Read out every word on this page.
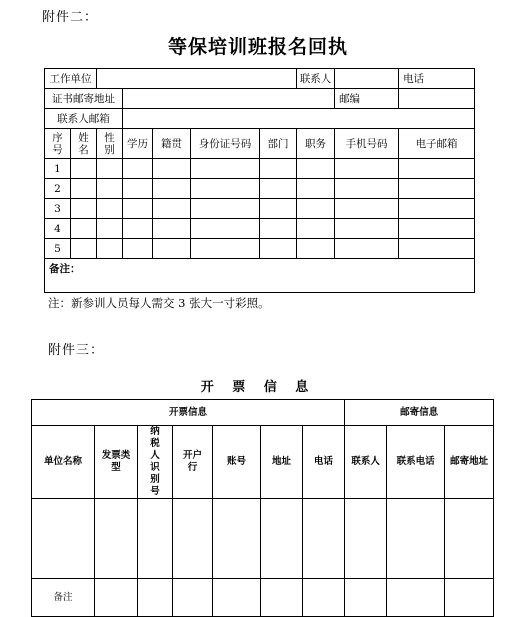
附件二：
等保培训班报名回执
工作单位							联系人		电话
证书邮寄地址								邮编	
联系人邮箱									
序号	姓名	性别	学历	籍贯	身份证号码	部门	职务	手机号码	电子邮箱
1									
2									
3									
4									
5									
备注：									
注：新参训人员每人需交 3 张大一寸彩照。
附件三：
开 票 信 息
开票信息							邮寄信息		
单位名称	发票类型	纳税人识别号	开户行	账号	地址	电话	联系人	联系电话	邮寄地址

备注									
